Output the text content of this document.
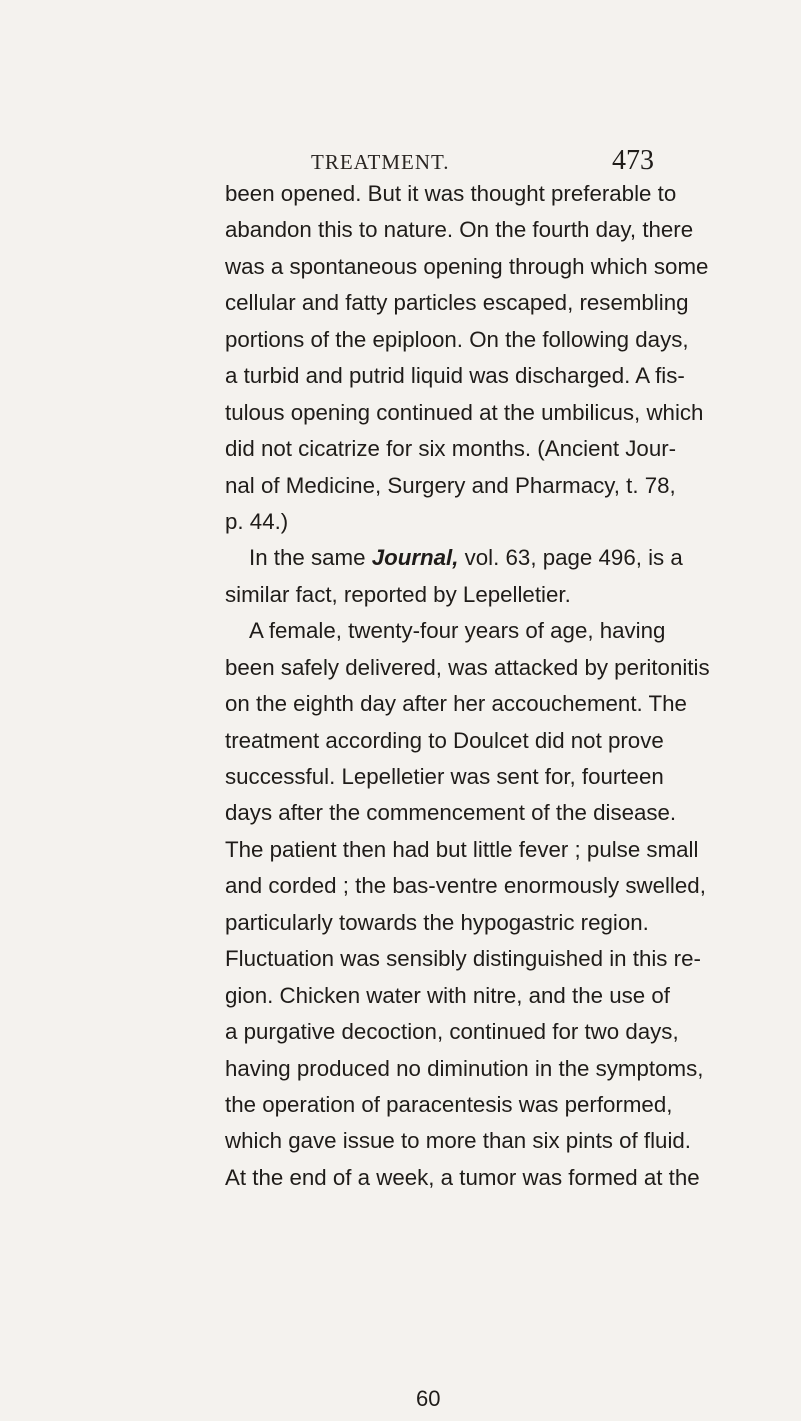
TREATMENT.	473
been opened. But it was thought preferable to
abandon this to nature. On the fourth day, there
was a spontaneous opening through which some
cellular and fatty particles escaped, resembling
portions of the epiploon. On the following days,
a turbid and putrid liquid was discharged. A fis-
tulous opening continued at the umbilicus, which
did not cicatrize for six months. (Ancient Jour-
nal of Medicine, Surgery and Pharmacy, t. 78,
p. 44.)
In the same Journal, vol. 63, page 496, is a
similar fact, reported by Lepelletier.
A female, twenty-four years of age, having
been safely delivered, was attacked by peritonitis
on the eighth day after her accouchement. The
treatment according to Doulcet did not prove
successful. Lepelletier was sent for, fourteen
days after the commencement of the disease.
The patient then had but little fever ; pulse small
and corded ; the bas-ventre enormously swelled,
particularly towards the hypogastric region.
Fluctuation was sensibly distinguished in this re-
gion. Chicken water with nitre, and the use of
a purgative decoction, continued for two days,
having produced no diminution in the symptoms,
the operation of paracentesis was performed,
which gave issue to more than six pints of fluid.
At the end of a week, a tumor was formed at the
60
